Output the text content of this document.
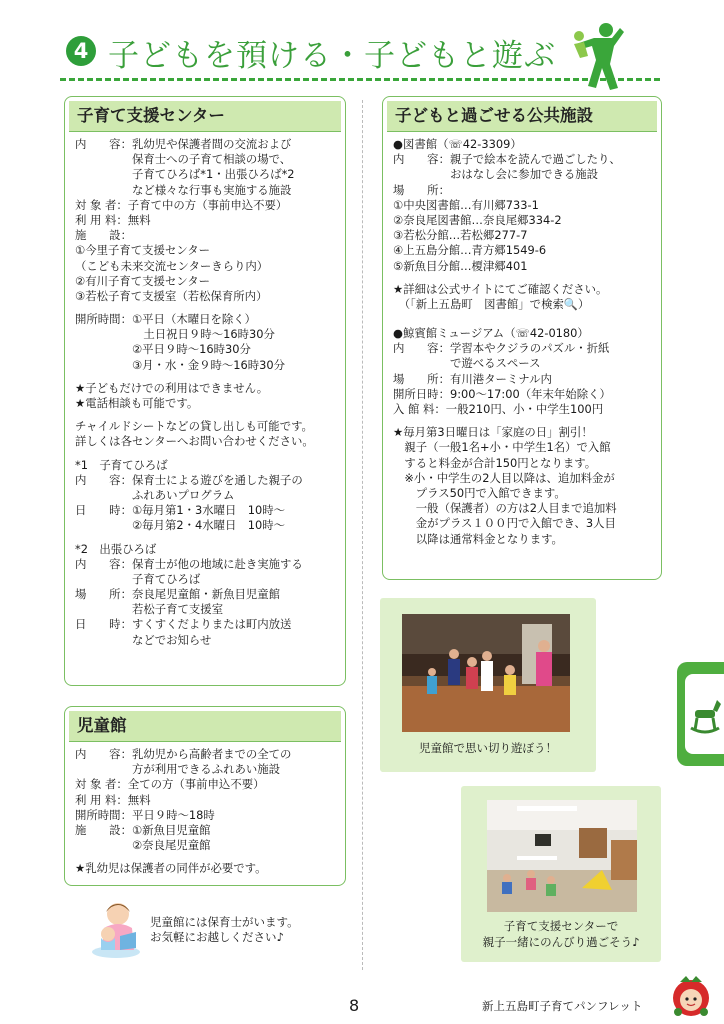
4 子どもを預ける・子どもと遊ぶ
子育て支援センター
内　　容：乳幼児や保護者間の交流および
　　　　　保育士への子育て相談の場で、
　　　　　子育てひろば*1・出張ひろば*2
　　　　　など様々な行事も実施する施設
対 象 者：子育て中の方（事前申込不要）
利 用 料：無料
施　　設：
①今里子育て支援センター
（こども未来交流センターきらり内）
②有川子育て支援センター
③若松子育て支援室（若松保育所内）
開所時間：①平日（木曜日を除く）
　　　　　　土日祝日９時〜16時30分
　　　　　②平日９時〜16時30分
　　　　　③月・水・金９時〜16時30分
★子どもだけでの利用はできません。
★電話相談も可能です。
チャイルドシートなどの貸し出しも可能です。
詳しくは各センターへお問い合わせください。
*1　子育てひろば
内　　容：保育士による遊びを通した親子の
　　　　　ふれあいプログラム
日　　時：①毎月第1・3水曜日　10時〜
　　　　　②毎月第2・4水曜日　10時〜
*2　出張ひろば
内　　容：保育士が他の地域に赴き実施する
　　　　　子育てひろば
場　　所：奈良尾児童館・新魚目児童館
　　　　　若松子育て支援室
日　　時：すくすくだよりまたは町内放送
　　　　　などでお知らせ
児童館
内　　容：乳幼児から高齢者までの全ての
　　　　　方が利用できるふれあい施設
対 象 者：全ての方（事前申込不要）
利 用 料：無料
開所時間：平日９時〜18時
施　　設：①新魚目児童館
　　　　　②奈良尾児童館
★乳幼児は保護者の同伴が必要です。
児童館には保育士がいます。
お気軽にお越しください♪
子どもと過ごせる公共施設
●図書館（☏42-3309）
内　　容：親子で絵本を読んで過ごしたり、
　　　　　おはなし会に参加できる施設
場　　所：
①中央図書館…有川郷733-1
②奈良尾図書館…奈良尾郷334-2
③若松分館…若松郷277-7
④上五島分館…青方郷1549-6
⑤新魚目分館…榎津郷401
★詳細は公式サイトにてご確認ください。
　（「新上五島町　図書館」で検索🔍）
●鯨賓館ミュージアム（☏42-0180）
内　　容：学習本やクジラのパズル・折紙
　　　　　で遊べるスペース
場　　所：有川港ターミナル内
開所日時：9:00〜17:00（年末年始除く）
入 館 料：一般210円、小・中学生100円
★毎月第3日曜日は「家庭の日」割引！
　親子（一般1名+小・中学生1名）で入館
　すると料金が合計150円となります。
　※小・中学生の2人目以降は、追加料金が
　　プラス50円で入館できます。
　　一般（保護者）の方は2人目まで追加料
　　金がプラス１００円で入館でき、3人目
　　以降は通常料金となります。
児童館で思い切り遊ぼう！
子育て支援センターで
親子一緒にのんびり過ごそう♪
8	新上五島町子育てパンフレット
